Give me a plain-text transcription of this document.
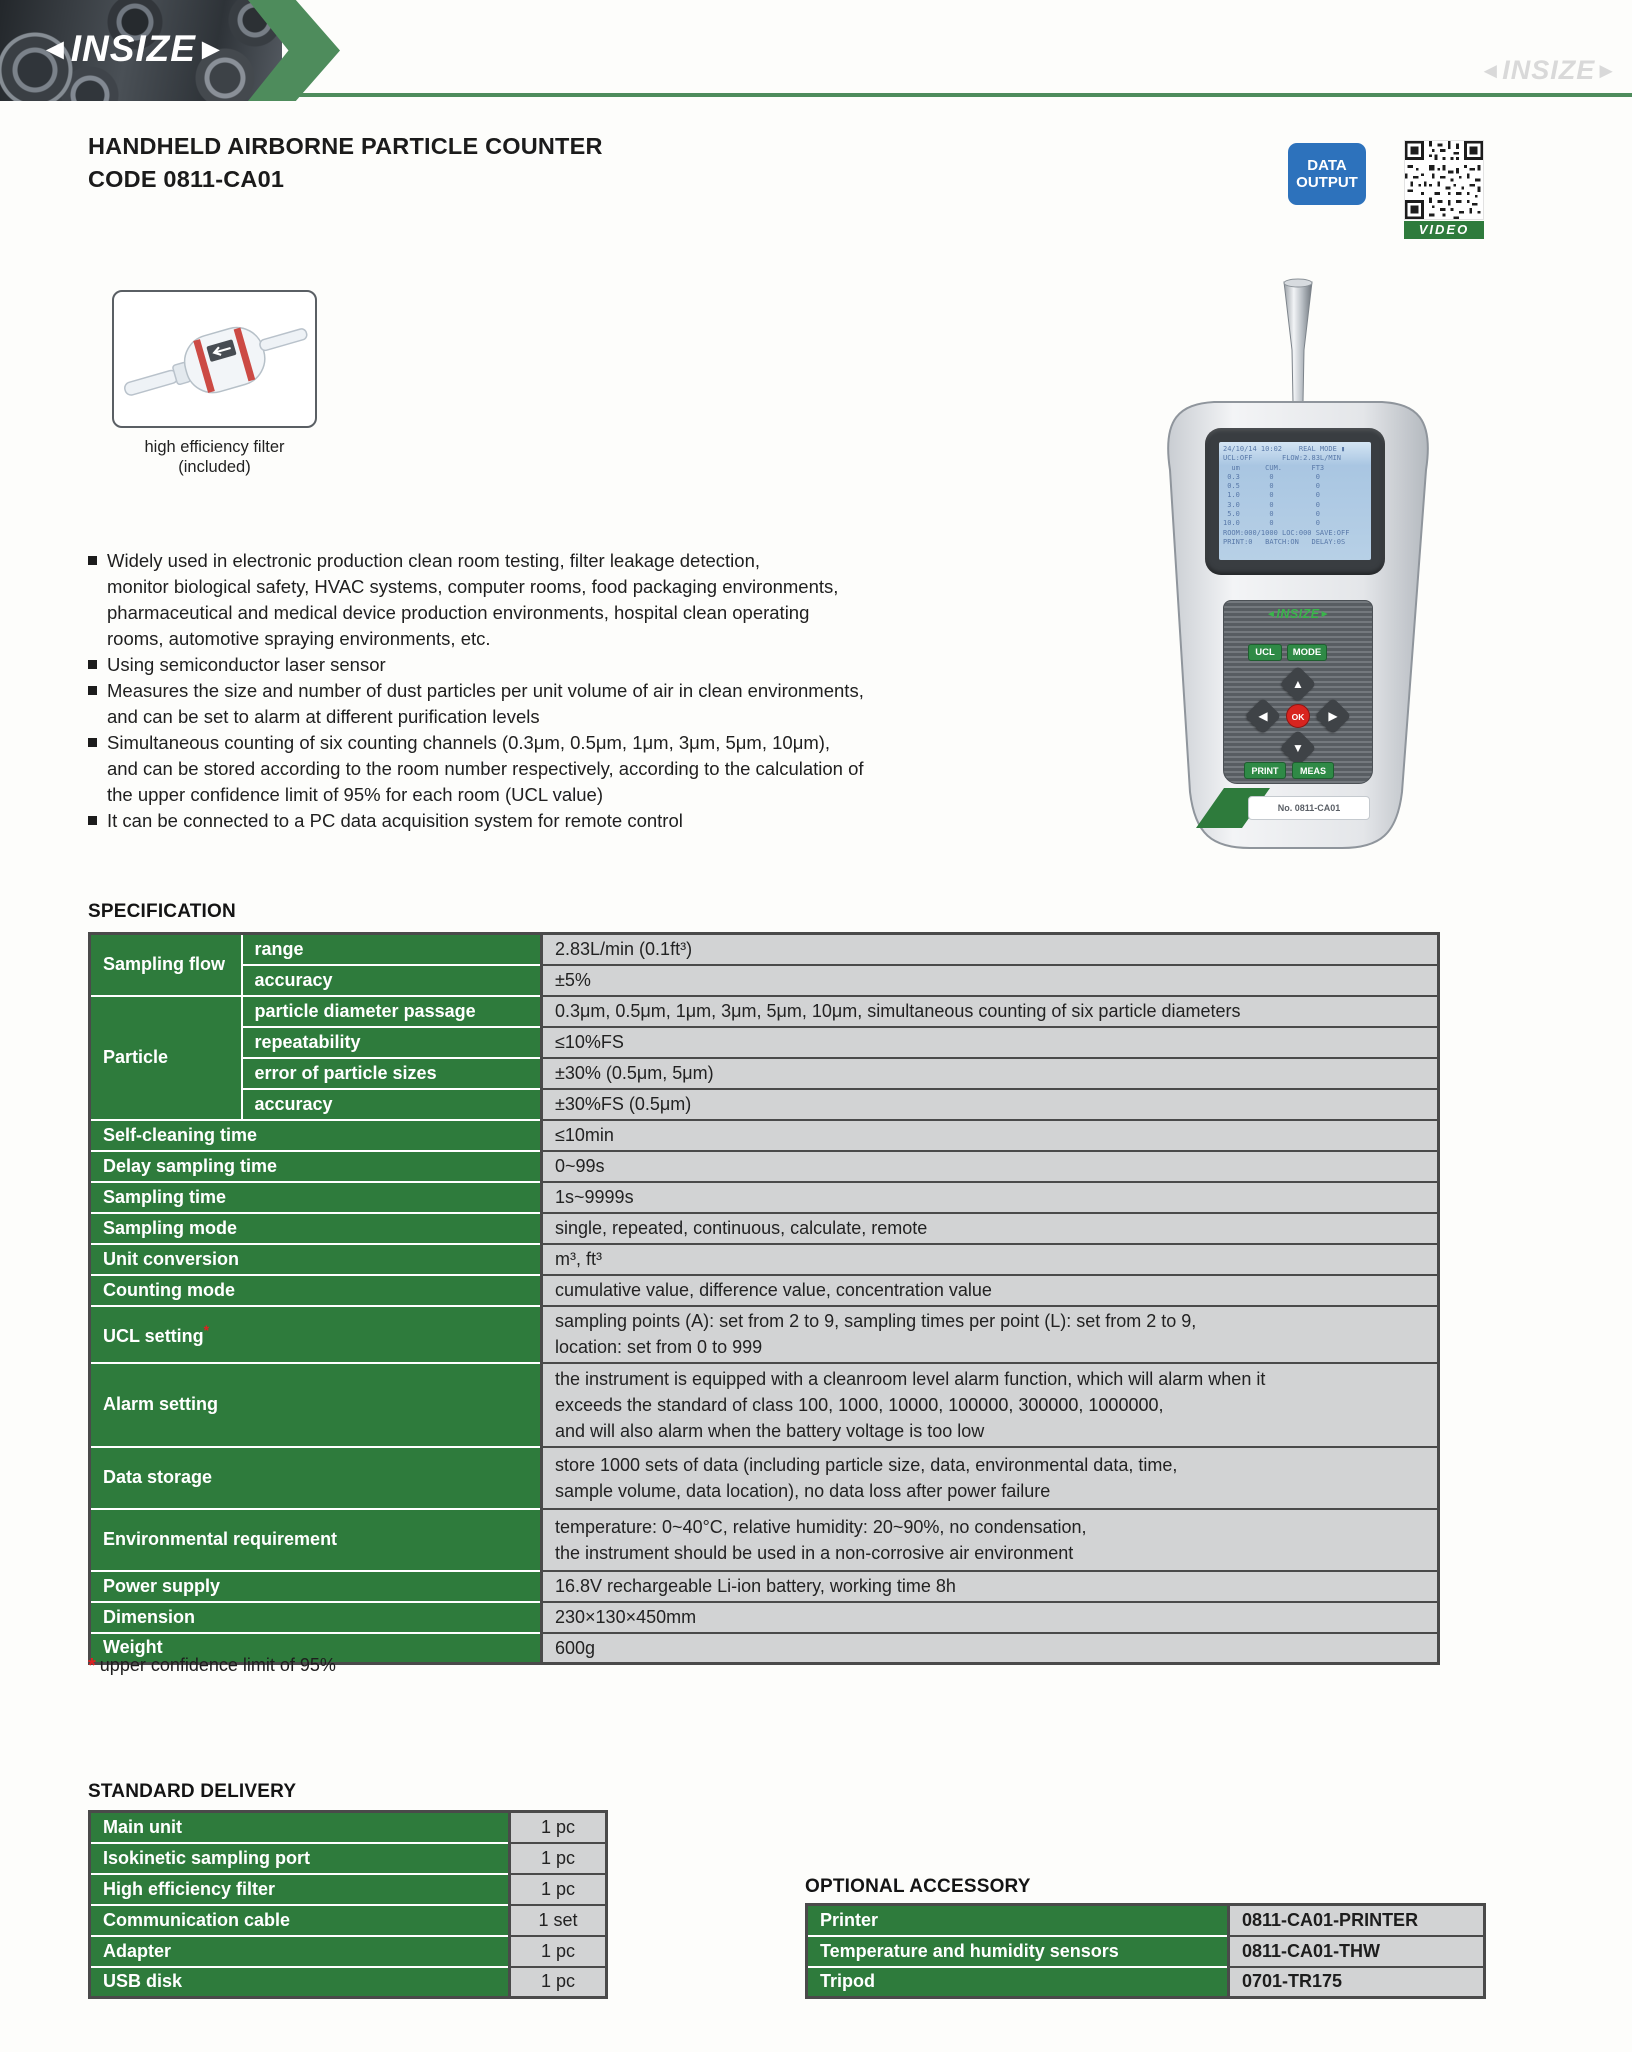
◄ INSIZE►
◄ INSIZE►
HANDHELD AIRBORNE PARTICLE COUNTER
CODE 0811-CA01
DATA
OUTPUT
VIDEO
high efficiency filter
(included)
Widely used in electronic production clean room testing, filter leakage detection,
monitor biological safety, HVAC systems, computer rooms, food packaging environments,
pharmaceutical and medical device production environments, hospital clean operating
rooms, automotive spraying environments, etc.
Using semiconductor laser sensor
Measures the size and number of dust particles per unit volume of air in clean environments,
and can be set to alarm at different purification levels
Simultaneous counting of six counting channels (0.3μm, 0.5μm, 1μm, 3μm, 5μm, 10μm),
and can be stored according to the room number respectively, according to the calculation of
the upper confidence limit of 95% for each room (UCL value)
It can be connected to a PC data acquisition system for remote control
24/10/14 10:02    REAL MODE ▮
UCL:OFF       FLOW:2.83L/MIN
um      CUM.       FT3
0.3       0          0
0.5       0          0
1.0       0          0
3.0       0          0
5.0       0          0
10.0       0          0
ROOM:000/1000 LOC:000 SAVE:OFF
PRINT:0   BATCH:ON   DELAY:0S
◄ INSIZE►
UCL	MODE
▲
◀	▶
▼
OK
PRINT	MEAS
No. 0811-CA01
SPECIFICATION
Sampling flow	range	2.83L/min (0.1ft³)

	accuracy	±5%

Particle	particle diameter passage	0.3μm, 0.5μm, 1μm, 3μm, 5μm, 10μm, simultaneous counting of six particle diameters

	repeatability	≤10%FS

	error of particle sizes	±30% (0.5μm, 5μm)

	accuracy	±30%FS (0.5μm)

Self-cleaning time		≤10min

Delay sampling time		0~99s

Sampling time		1s~9999s

Sampling mode		single, repeated, continuous, calculate, remote

Unit conversion		m³, ft³

Counting mode		cumulative value, difference value, concentration value

UCL setting*		sampling points (A): set from 2 to 9, sampling times per point (L): set from 2 to 9,
location: set from 0 to 999

Alarm setting		the instrument is equipped with a cleanroom level alarm function, which will alarm when it
exceeds the standard of class 100, 1000, 10000, 100000, 300000, 1000000,
and will also alarm when the battery voltage is too low

Data storage		store 1000 sets of data (including particle size, data, environmental data, time,
sample volume, data location), no data loss after power failure

Environmental requirement		temperature: 0~40°C, relative humidity: 20~90%, no condensation,
the instrument should be used in a non-corrosive air environment

Power supply		16.8V rechargeable Li-ion battery, working time 8h

Dimension		230×130×450mm

Weight		600g
* upper confidence limit of 95%
STANDARD DELIVERY
Main unit	1 pc
Isokinetic sampling port	1 pc
High efficiency filter	1 pc
Communication cable	1 set
Adapter	1 pc
USB disk	1 pc
OPTIONAL ACCESSORY
Printer	0811-CA01-PRINTER
Temperature and humidity sensors	0811-CA01-THW
Tripod	0701-TR175
